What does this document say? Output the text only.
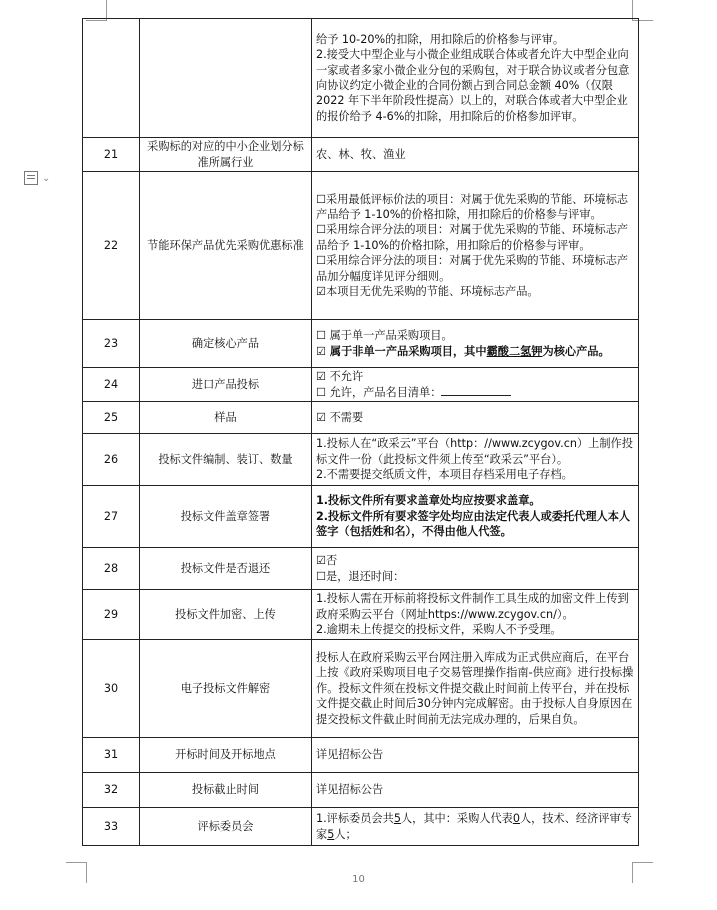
⌄

		给予 10-20%的扣除，用扣除后的价格参与评审。
2.接受大中型企业与小微企业组成联合体或者允许大中型企业向一家或者多家小微企业分包的采购包，对于联合协议或者分包意向协议约定小微企业的合同份额占到合同总金额 40%（仅限 2022 年下半年阶段性提高）以上的，对联合体或者大中型企业的报价给予 4-6%的扣除，用扣除后的价格参加评审。

21	采购标的对应的中小企业划分标准所属行业	农、林、牧、渔业

22	节能环保产品优先采购优惠标准	☐采用最低评标价法的项目：对属于优先采购的节能、环境标志产品给予 1-10%的价格扣除，用扣除后的价格参与评审。
☐采用综合评分法的项目：对属于优先采购的节能、环境标志产品给予 1-10%的价格扣除，用扣除后的价格参与评审。
☐采用综合评分法的项目：对属于优先采购的节能、环境标志产品加分幅度详见评分细则。
☑本项目无优先采购的节能、环境标志产品。

23	确定核心产品	☐ 属于单一产品采购项目。
☑ 属于非单一产品采购项目，其中霸酸二氢钾为核心产品。

24	进口产品投标	☑ 不允许
☐ 允许，产品名目清单：

25	样品	☑ 不需要

26	投标文件编制、装订、数量	1.投标人在“政采云”平台（http：//www.zcygov.cn）上制作投标文件一份（此投标文件须上传至“政采云”平台）。
2.不需要提交纸质文件，本项目存档采用电子存档。

27	投标文件盖章签署	1.投标文件所有要求盖章处均应按要求盖章。
2.投标文件所有要求签字处均应由法定代表人或委托代理人本人签字（包括姓和名），不得由他人代签。

28	投标文件是否退还	☑否
☐是，退还时间：

29	投标文件加密、上传	1.投标人需在开标前将投标文件制作工具生成的加密文件上传到政府采购云平台（网址https://www.zcygov.cn/）。
2.逾期未上传提交的投标文件，采购人不予受理。

30	电子投标文件解密	投标人在政府采购云平台网注册入库成为正式供应商后，在平台上按《政府采购项目电子交易管理操作指南-供应商》进行投标操作。投标文件须在投标文件提交截止时间前上传平台，并在投标文件提交截止时间后30分钟内完成解密。由于投标人自身原因在提交投标文件截止时间前无法完成办理的，后果自负。

31	开标时间及开标地点	详见招标公告

32	投标截止时间	详见招标公告

33	评标委员会	1.评标委员会共5人，其中：采购人代表0人，技术、经济评审专家5人；
10
